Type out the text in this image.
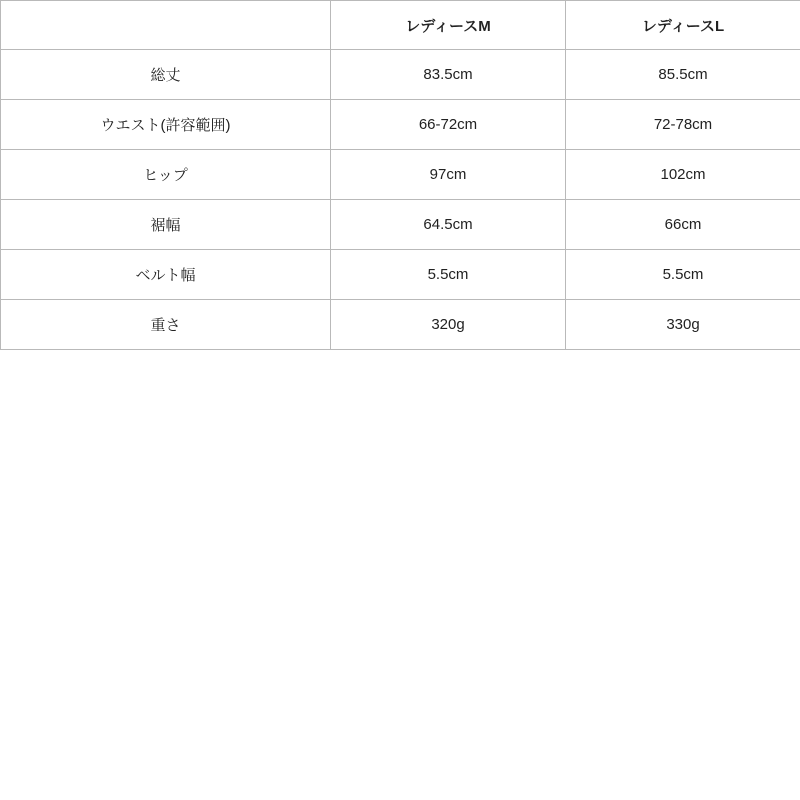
	レディースM	レディースL
総丈	83.5cm	85.5cm
ウエスト(許容範囲)	66-72cm	72-78cm
ヒップ	97cm	102cm
裾幅	64.5cm	66cm
ベルト幅	5.5cm	5.5cm
重さ	320g	330g
